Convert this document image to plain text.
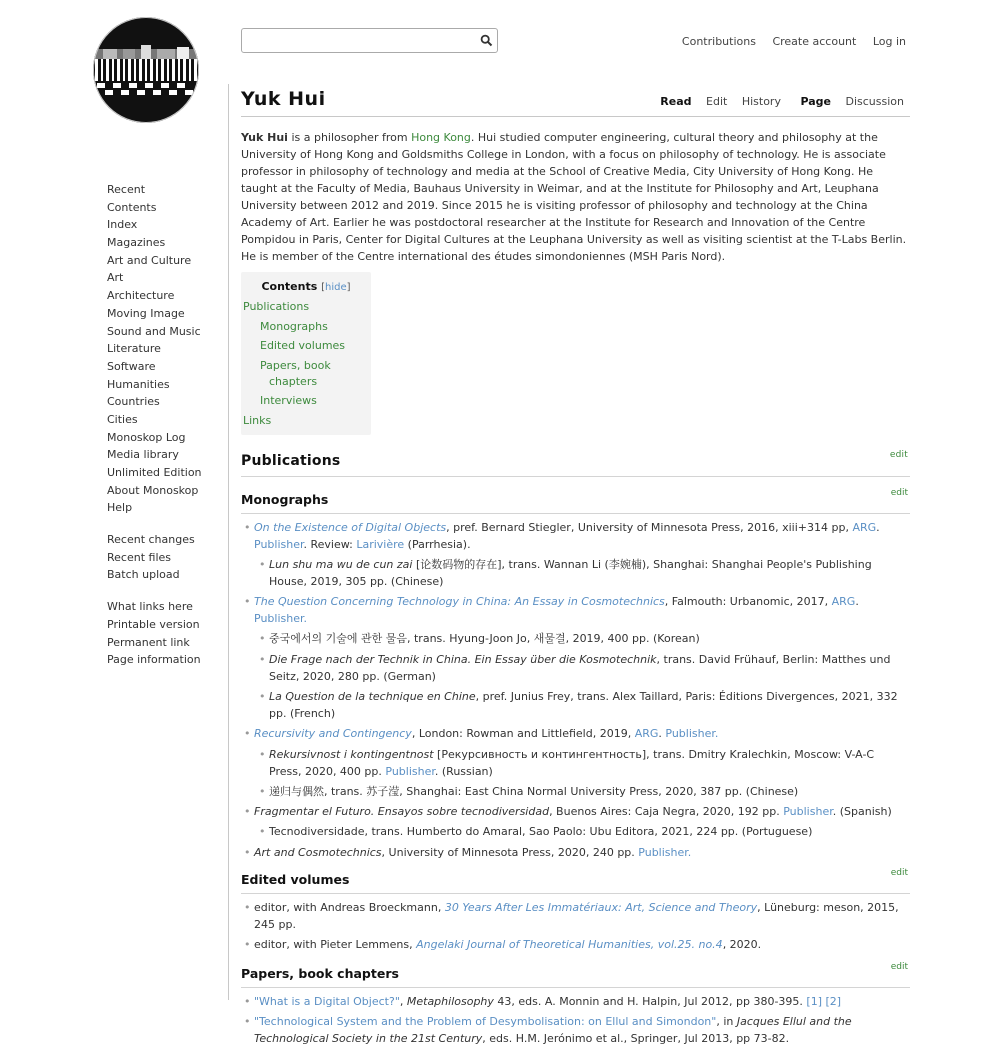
Recent
Contents
Index
Magazines
Art and Culture
Art
Architecture
Moving Image
Sound and Music
Literature
Software
Humanities
Countries
Cities
Monoskop Log
Media library
Unlimited Edition
About Monoskop
Help
Recent changes
Recent files
Batch upload
What links here
Printable version
Permanent link
Page information
Contributions Create account Log in
Yuk Hui	Read Edit History Page Discussion

Yuk Hui is a philosopher from Hong Kong. Hui studied computer engineering, cultural theory and philosophy at the University of Hong Kong and Goldsmiths College in London, with a focus on philosophy of technology. He is associate professor in philosophy of technology and media at the School of Creative Media, City University of Hong Kong. He taught at the Faculty of Media, Bauhaus University in Weimar, and at the Institute for Philosophy and Art, Leuphana University between 2012 and 2019. Since 2015 he is visiting professor of philosophy and technology at the China Academy of Art. Earlier he was postdoctoral researcher at the Institute for Research and Innovation of the Centre Pompidou in Paris, Center for Digital Cultures at the Leuphana University as well as visiting scientist at the T-Labs Berlin. He is member of the Centre international des études simondoniennes (MSH Paris Nord).

Contents [hide]
Publications
Monographs
Edited volumes
Papers, book chapters
Interviews
Links
Publications	edit
Monographs	edit
• On the Existence of Digital Objects, pref. Bernard Stiegler, University of Minnesota Press, 2016, xiii+314 pp, ARG. Publisher. Review: Larivière (Parrhesia).
• Lun shu ma wu de cun zai [论数码物的存在], trans. Wannan Li (李婉楠), Shanghai: Shanghai People's Publishing House, 2019, 305 pp. (Chinese)
• The Question Concerning Technology in China: An Essay in Cosmotechnics, Falmouth: Urbanomic, 2017, ARG. Publisher.
• 중국에서의 기술에 관한 물음, trans. Hyung-Joon Jo, 새물결, 2019, 400 pp. (Korean)
• Die Frage nach der Technik in China. Ein Essay über die Kosmotechnik, trans. David Frühauf, Berlin: Matthes und Seitz, 2020, 280 pp. (German)
• La Question de la technique en Chine, pref. Junius Frey, trans. Alex Taillard, Paris: Éditions Divergences, 2021, 332 pp. (French)
• Recursivity and Contingency, London: Rowman and Littlefield, 2019, ARG. Publisher.
• Rekursivnost i kontingentnost [Рекурсивность и контингентность], trans. Dmitry Kralechkin, Moscow: V-A-C Press, 2020, 400 pp. Publisher. (Russian)
• 递归与偶然, trans. 苏子滢, Shanghai: East China Normal University Press, 2020, 387 pp. (Chinese)
• Fragmentar el Futuro. Ensayos sobre tecnodiversidad, Buenos Aires: Caja Negra, 2020, 192 pp. Publisher. (Spanish)
• Tecnodiversidade, trans. Humberto do Amaral, Sao Paolo: Ubu Editora, 2021, 224 pp. (Portuguese)
• Art and Cosmotechnics, University of Minnesota Press, 2020, 240 pp. Publisher.
Edited volumes	edit
• editor, with Andreas Broeckmann, 30 Years After Les Immatériaux: Art, Science and Theory, Lüneburg: meson, 2015, 245 pp.
• editor, with Pieter Lemmens, Angelaki Journal of Theoretical Humanities, vol.25. no.4, 2020.
Papers, book chapters	edit
• "What is a Digital Object?", Metaphilosophy 43, eds. A. Monnin and H. Halpin, Jul 2012, pp 380-395. [1] [2]
• "Technological System and the Problem of Desymbolisation: on Ellul and Simondon", in Jacques Ellul and the Technological Society in the 21st Century, eds. H.M. Jerónimo et al., Springer, Jul 2013, pp 73-82.
